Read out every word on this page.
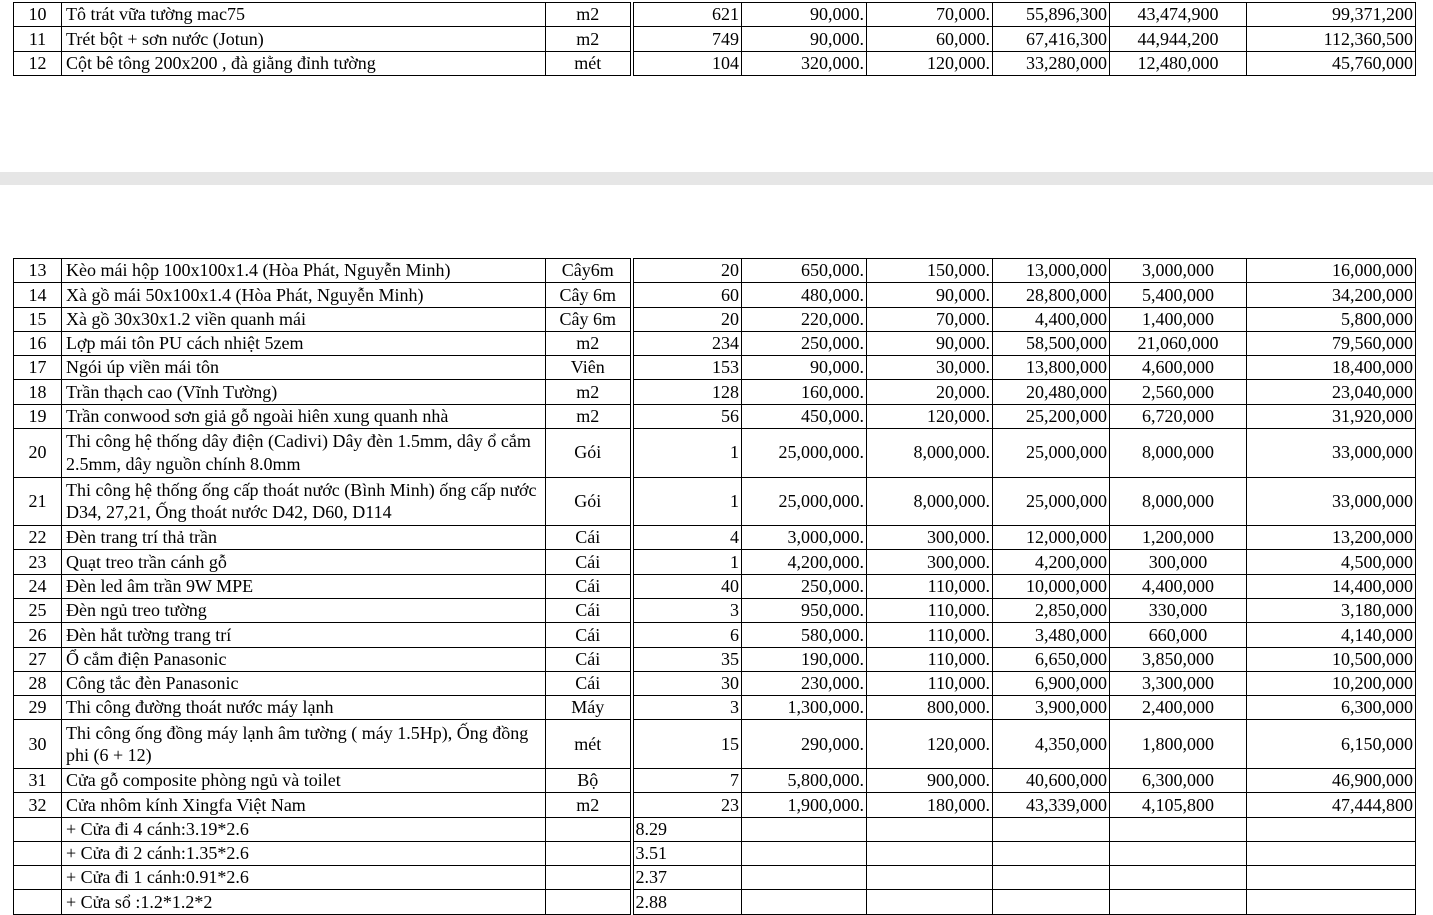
10	Tô trát vữa tường mac75	m2	621	90,000.	70,000.	55,896,300	43,474,900	99,371,200
11	Trét bột + sơn nước (Jotun)	m2	749	90,000.	60,000.	67,416,300	44,944,200	112,360,500
12	Cột bê tông 200x200 , đà giằng đỉnh tường	mét	104	320,000.	120,000.	33,280,000	12,480,000	45,760,000
13	Kèo mái hộp 100x100x1.4 (Hòa Phát, Nguyễn Minh)	Cây6m	20	650,000.	150,000.	13,000,000	3,000,000	16,000,000
14	Xà gồ mái 50x100x1.4 (Hòa Phát, Nguyễn Minh)	Cây 6m	60	480,000.	90,000.	28,800,000	5,400,000	34,200,000
15	Xà gồ 30x30x1.2 viền quanh mái	Cây 6m	20	220,000.	70,000.	4,400,000	1,400,000	5,800,000
16	Lợp mái tôn PU cách nhiệt 5zem	m2	234	250,000.	90,000.	58,500,000	21,060,000	79,560,000
17	Ngói úp viền mái tôn	Viên	153	90,000.	30,000.	13,800,000	4,600,000	18,400,000
18	Trần thạch cao (Vĩnh Tường)	m2	128	160,000.	20,000.	20,480,000	2,560,000	23,040,000
19	Trần conwood sơn giả gỗ ngoài hiên xung quanh nhà	m2	56	450,000.	120,000.	25,200,000	6,720,000	31,920,000
20	Thi công hệ thống dây điện (Cadivi) Dây đèn 1.5mm, dây ổ cắm 2.5mm, dây nguồn chính 8.0mm	Gói	1	25,000,000.	8,000,000.	25,000,000	8,000,000	33,000,000
21	Thi công hệ thống ống cấp thoát nước (Bình Minh) ống cấp nước D34, 27,21, Ống thoát nước D42, D60, D114	Gói	1	25,000,000.	8,000,000.	25,000,000	8,000,000	33,000,000
22	Đèn trang trí thả trần	Cái	4	3,000,000.	300,000.	12,000,000	1,200,000	13,200,000
23	Quạt treo trần cánh gỗ	Cái	1	4,200,000.	300,000.	4,200,000	300,000	4,500,000
24	Đèn led âm trần 9W MPE	Cái	40	250,000.	110,000.	10,000,000	4,400,000	14,400,000
25	Đèn ngủ treo tường	Cái	3	950,000.	110,000.	2,850,000	330,000	3,180,000
26	Đèn hắt tường trang trí	Cái	6	580,000.	110,000.	3,480,000	660,000	4,140,000
27	Ổ cắm điện Panasonic	Cái	35	190,000.	110,000.	6,650,000	3,850,000	10,500,000
28	Công tắc đèn Panasonic	Cái	30	230,000.	110,000.	6,900,000	3,300,000	10,200,000
29	Thi công đường thoát nước máy lạnh	Máy	3	1,300,000.	800,000.	3,900,000	2,400,000	6,300,000
30	Thi công ống đồng máy lạnh âm tường ( máy 1.5Hp), Ống đồng phi (6 + 12)	mét	15	290,000.	120,000.	4,350,000	1,800,000	6,150,000
31	Cửa gỗ composite phòng ngủ và toilet	Bộ	7	5,800,000.	900,000.	40,600,000	6,300,000	46,900,000
32	Cửa nhôm kính Xingfa Việt Nam	m2	23	1,900,000.	180,000.	43,339,000	4,105,800	47,444,800
	+ Cửa đi 4 cánh:3.19*2.6		8.29					
	+ Cửa đi 2 cánh:1.35*2.6		3.51					
	+ Cửa đi 1 cánh:0.91*2.6		2.37					
	+ Cửa sổ :1.2*1.2*2		2.88					
